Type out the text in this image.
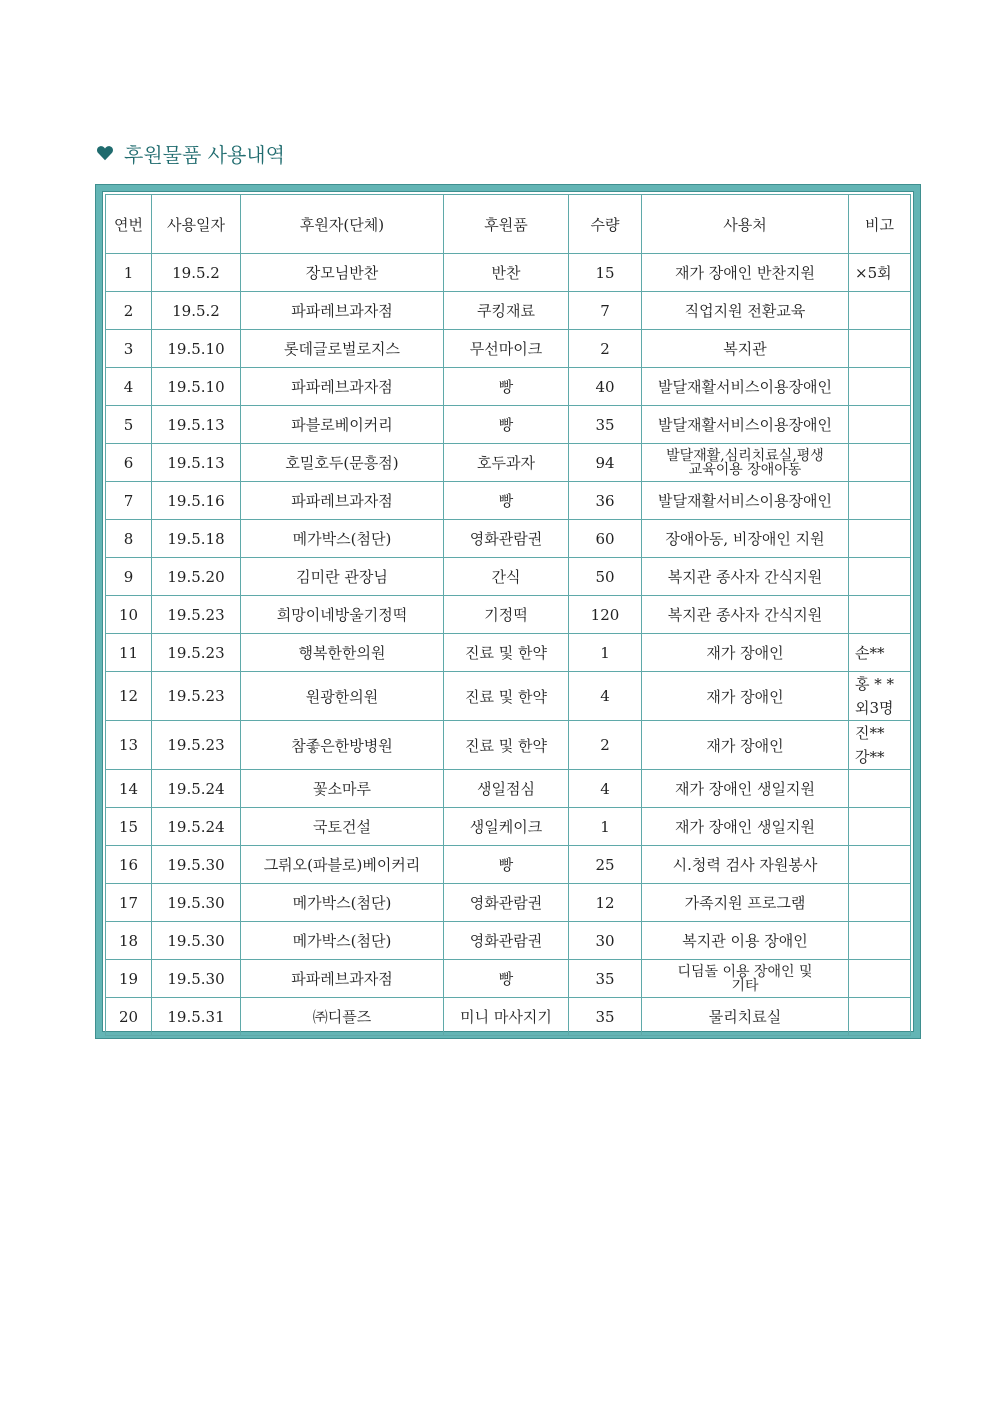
후원물품 사용내역
연번	사용일자	후원자(단체)	후원품	수량	사용처	비고
1	19.5.2	장모님반찬	반찬	15	재가 장애인 반찬지원	×5회
2	19.5.2	파파레브과자점	쿠킹재료	7	직업지원 전환교육	
3	19.5.10	롯데글로벌로지스	무선마이크	2	복지관	
4	19.5.10	파파레브과자점	빵	40	발달재활서비스이용장애인	
5	19.5.13	파블로베이커리	빵	35	발달재활서비스이용장애인	
6	19.5.13	호밀호두(문흥점)	호두과자	94	발달재활,심리치료실,평생
교육이용 장애아동	
7	19.5.16	파파레브과자점	빵	36	발달재활서비스이용장애인	
8	19.5.18	메가박스(첨단)	영화관람권	60	장애아동, 비장애인 지원	
9	19.5.20	김미란 관장님	간식	50	복지관 종사자 간식지원	
10	19.5.23	희망이네방울기정떡	기정떡	120	복지관 종사자 간식지원	
11	19.5.23	행복한한의원	진료 및 한약	1	재가 장애인	손**
12	19.5.23	원광한의원	진료 및 한약	4	재가 장애인	홍 * *
외3명
13	19.5.23	참좋은한방병원	진료 및 한약	2	재가 장애인	진**
강**
14	19.5.24	꽃소마루	생일점심	4	재가 장애인 생일지원	
15	19.5.24	국토건설	생일케이크	1	재가 장애인 생일지원	
16	19.5.30	그뤼오(파블로)베이커리	빵	25	시.청력 검사 자원봉사	
17	19.5.30	메가박스(첨단)	영화관람권	12	가족지원 프로그램	
18	19.5.30	메가박스(첨단)	영화관람권	30	복지관 이용 장애인	
19	19.5.30	파파레브과자점	빵	35	디딤돌 이용 장애인 및
기타	
20	19.5.31	㈜디플즈	미니 마사지기	35	물리치료실	
